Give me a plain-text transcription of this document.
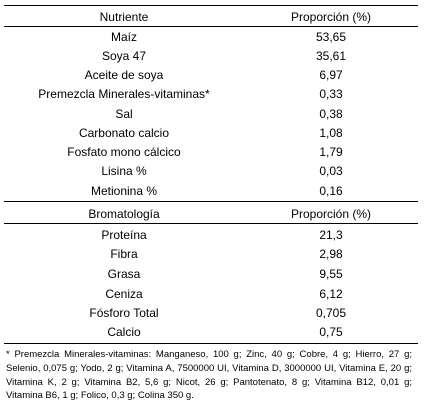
Nutriente	Proporción (%)
Maíz	53,65
Soya 47	35,61
Aceite de soya	6,97
Premezcla Minerales-vitaminas*	0,33
Sal	0,38
Carbonato calcio	1,08
Fosfato mono cálcico	1,79
Lisina %	0,03
Metionina %	0,16
Bromatología	Proporción (%)
Proteína	21,3
Fibra	2,98
Grasa	9,55
Ceniza	6,12
Fósforo Total	0,705
Calcio	0,75
* Premezcla Minerales-vitaminas: Manganeso, 100 g; Zinc, 40 g; Cobre, 4 g; Hierro, 27 g; Selenio, 0,075 g; Yodo, 2 g; Vitamina A, 7500000 UI, Vitamina D, 3000000 UI, Vitamina E, 20 g; Vitamina K, 2 g; Vitamina B2, 5,6 g; Nicot, 26 g; Pantotenato, 8 g; Vitamina B12, 0,01 g; Vitamina B6, 1 g; Folico, 0,3 g; Colina 350 g.
